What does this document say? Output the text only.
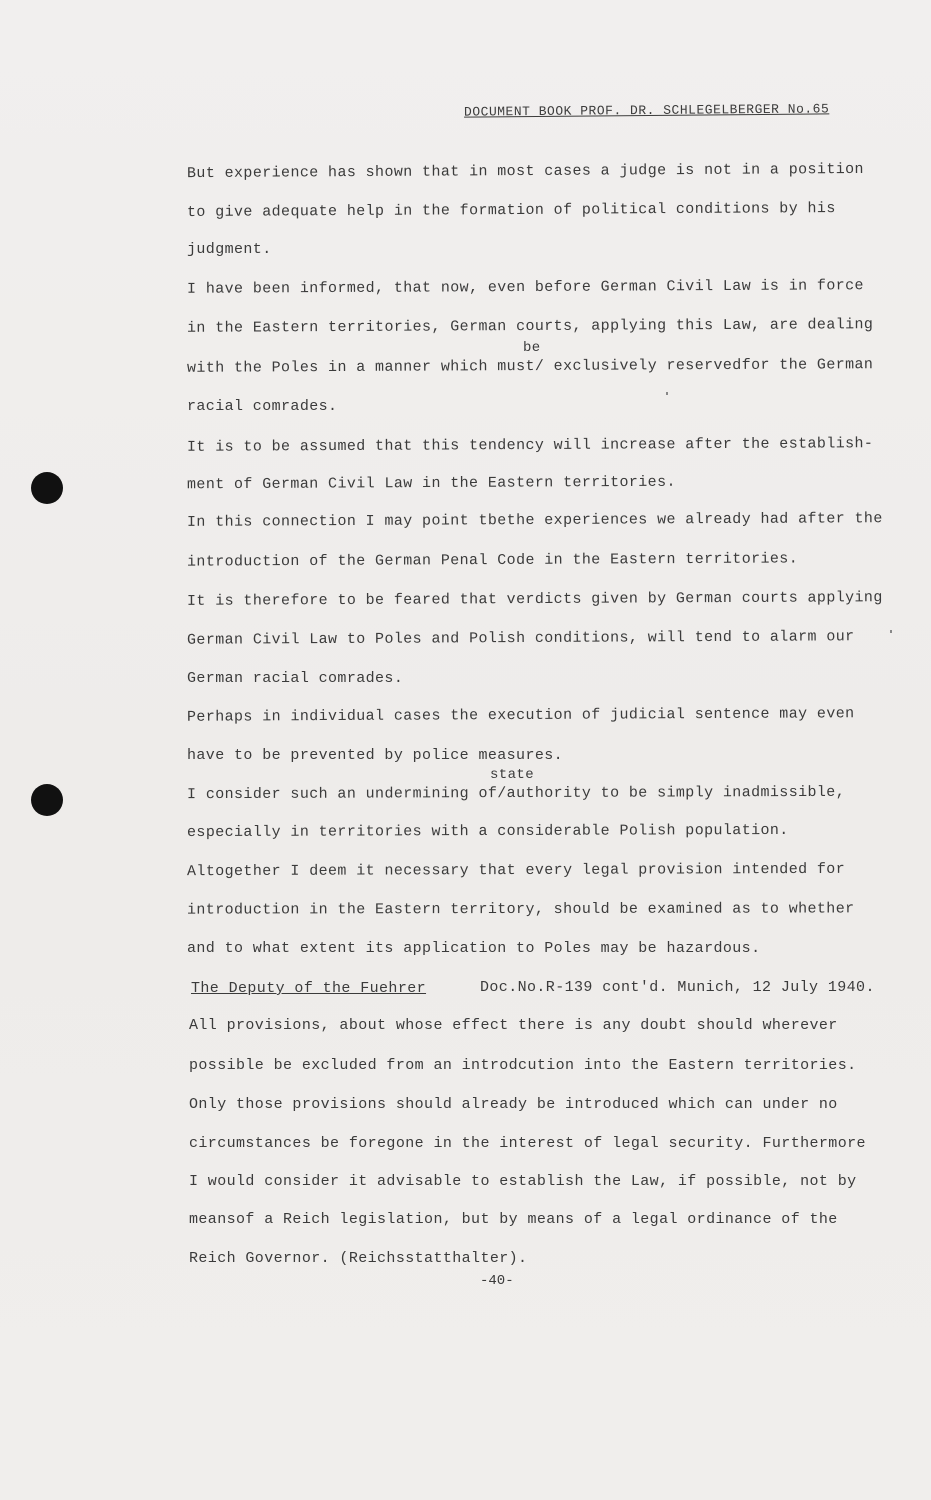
DOCUMENT BOOK PROF. DR. SCHLEGELBERGER No.65
But experience has shown that in most cases a judge is not in a position
to give adequate help in the formation of political conditions by his
judgment.
I have been informed, that now, even before German Civil Law is in force
in the Eastern territories, German courts, applying this Law, are dealing
be
with the Poles in a manner which must/ exclusively reservedfor the German
racial comrades.
It is to be assumed that this tendency will increase after the establish-
ment of German Civil Law in the Eastern territories.
In this connection I may point tbethe experiences we already had after the
introduction of the German Penal Code in the Eastern territories.
It is therefore to be feared that verdicts given by German courts applying
German Civil Law to Poles and Polish conditions, will tend to alarm our
German racial comrades.
Perhaps in individual cases the execution of judicial sentence may even
have to be prevented by police measures.
state
I consider such an undermining of/authority to be simply inadmissible,
especially in territories with a considerable Polish population.
Altogether I deem it necessary that every legal provision intended for
introduction in the Eastern territory, should be examined as to whether
and to what extent its application to Poles may be hazardous.
The Deputy of the Fuehrer	Doc.No.R-139 cont'd. Munich, 12 July 1940.
All provisions, about whose effect there is any doubt should wherever
possible be excluded from an introdcution into the Eastern territories.
Only those provisions should already be introduced which can under no
circumstances be foregone in the interest of legal security. Furthermore
I would consider it advisable to establish the Law, if possible, not by
meansof a Reich legislation, but by means of a legal ordinance of the
Reich Governor. (Reichsstatthalter).
-40-
